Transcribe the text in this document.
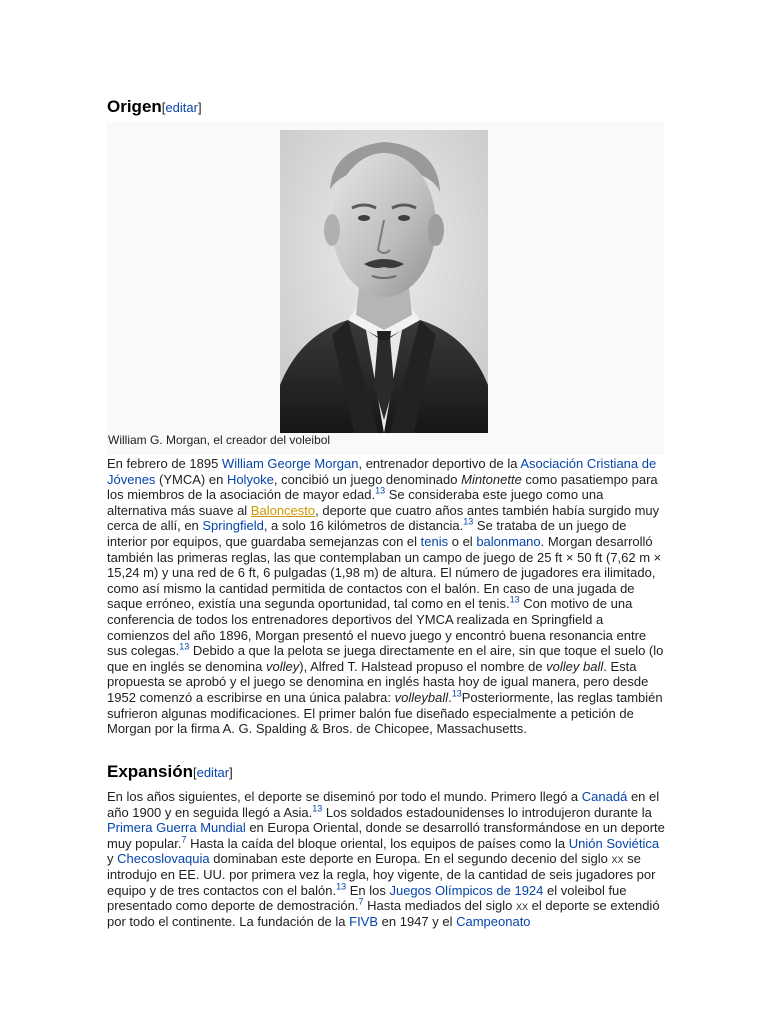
Origen[editar]
William G. Morgan, el creador del voleibol

En febrero de 1895 William George Morgan, entrenador deportivo de la Asociación Cristiana de Jóvenes (YMCA) en Holyoke, concibió un juego denominado Mintonette como pasatiempo para los miembros de la asociación de mayor edad.$^{13}$ Se consideraba este juego como una alternativa más suave al Baloncesto, deporte que cuatro años antes también había surgido muy cerca de allí, en Springfield, a solo 16 kilómetros de distancia.$^{13}$ Se trataba de un juego de interior por equipos, que guardaba semejanzas con el tenis o el balonmano. Morgan desarrolló también las primeras reglas, las que contemplaban un campo de juego de 25 ft × 50 ft (7,62 m × 15,24 m) y una red de 6 ft, 6 pulgadas (1,98 m) de altura. El número de jugadores era ilimitado, como así mismo la cantidad permitida de contactos con el balón. En caso de una jugada de saque erróneo, existía una segunda oportunidad, tal como en el tenis.$^{13}$ Con motivo de una conferencia de todos los entrenadores deportivos del YMCA realizada en Springfield a comienzos del año 1896, Morgan presentó el nuevo juego y encontró buena resonancia entre sus colegas.$^{13}$ Debido a que la pelota se juega directamente en el aire, sin que toque el suelo (lo que en inglés se denomina volley), Alfred T. Halstead propuso el nombre de volley ball. Esta propuesta se aprobó y el juego se denomina en inglés hasta hoy de igual manera, pero desde 1952 comenzó a escribirse en una única palabra: volleyball.$^{13}$Posteriormente, las reglas también sufrieron algunas modificaciones. El primer balón fue diseñado especialmente a petición de Morgan por la firma A. G. Spalding & Bros. de Chicopee, Massachusetts.

Expansión[editar]

En los años siguientes, el deporte se diseminó por todo el mundo. Primero llegó a Canadá en el año 1900 y en seguida llegó a Asia.$^{13}$ Los soldados estadounidenses lo introdujeron durante la Primera Guerra Mundial en Europa Oriental, donde se desarrolló transformándose en un deporte muy popular.$^7$ Hasta la caída del bloque oriental, los equipos de países como la Unión Soviética y Checoslovaquia dominaban este deporte en Europa. En el segundo decenio del siglo xx se introdujo en EE. UU. por primera vez la regla, hoy vigente, de la cantidad de seis jugadores por equipo y de tres contactos con el balón.$^{13}$ En los Juegos Olímpicos de 1924 el voleibol fue presentado como deporte de demostración.$^7$ Hasta mediados del siglo xx el deporte se extendió por todo el continente. La fundación de la FIVB en 1947 y el Campeonato
